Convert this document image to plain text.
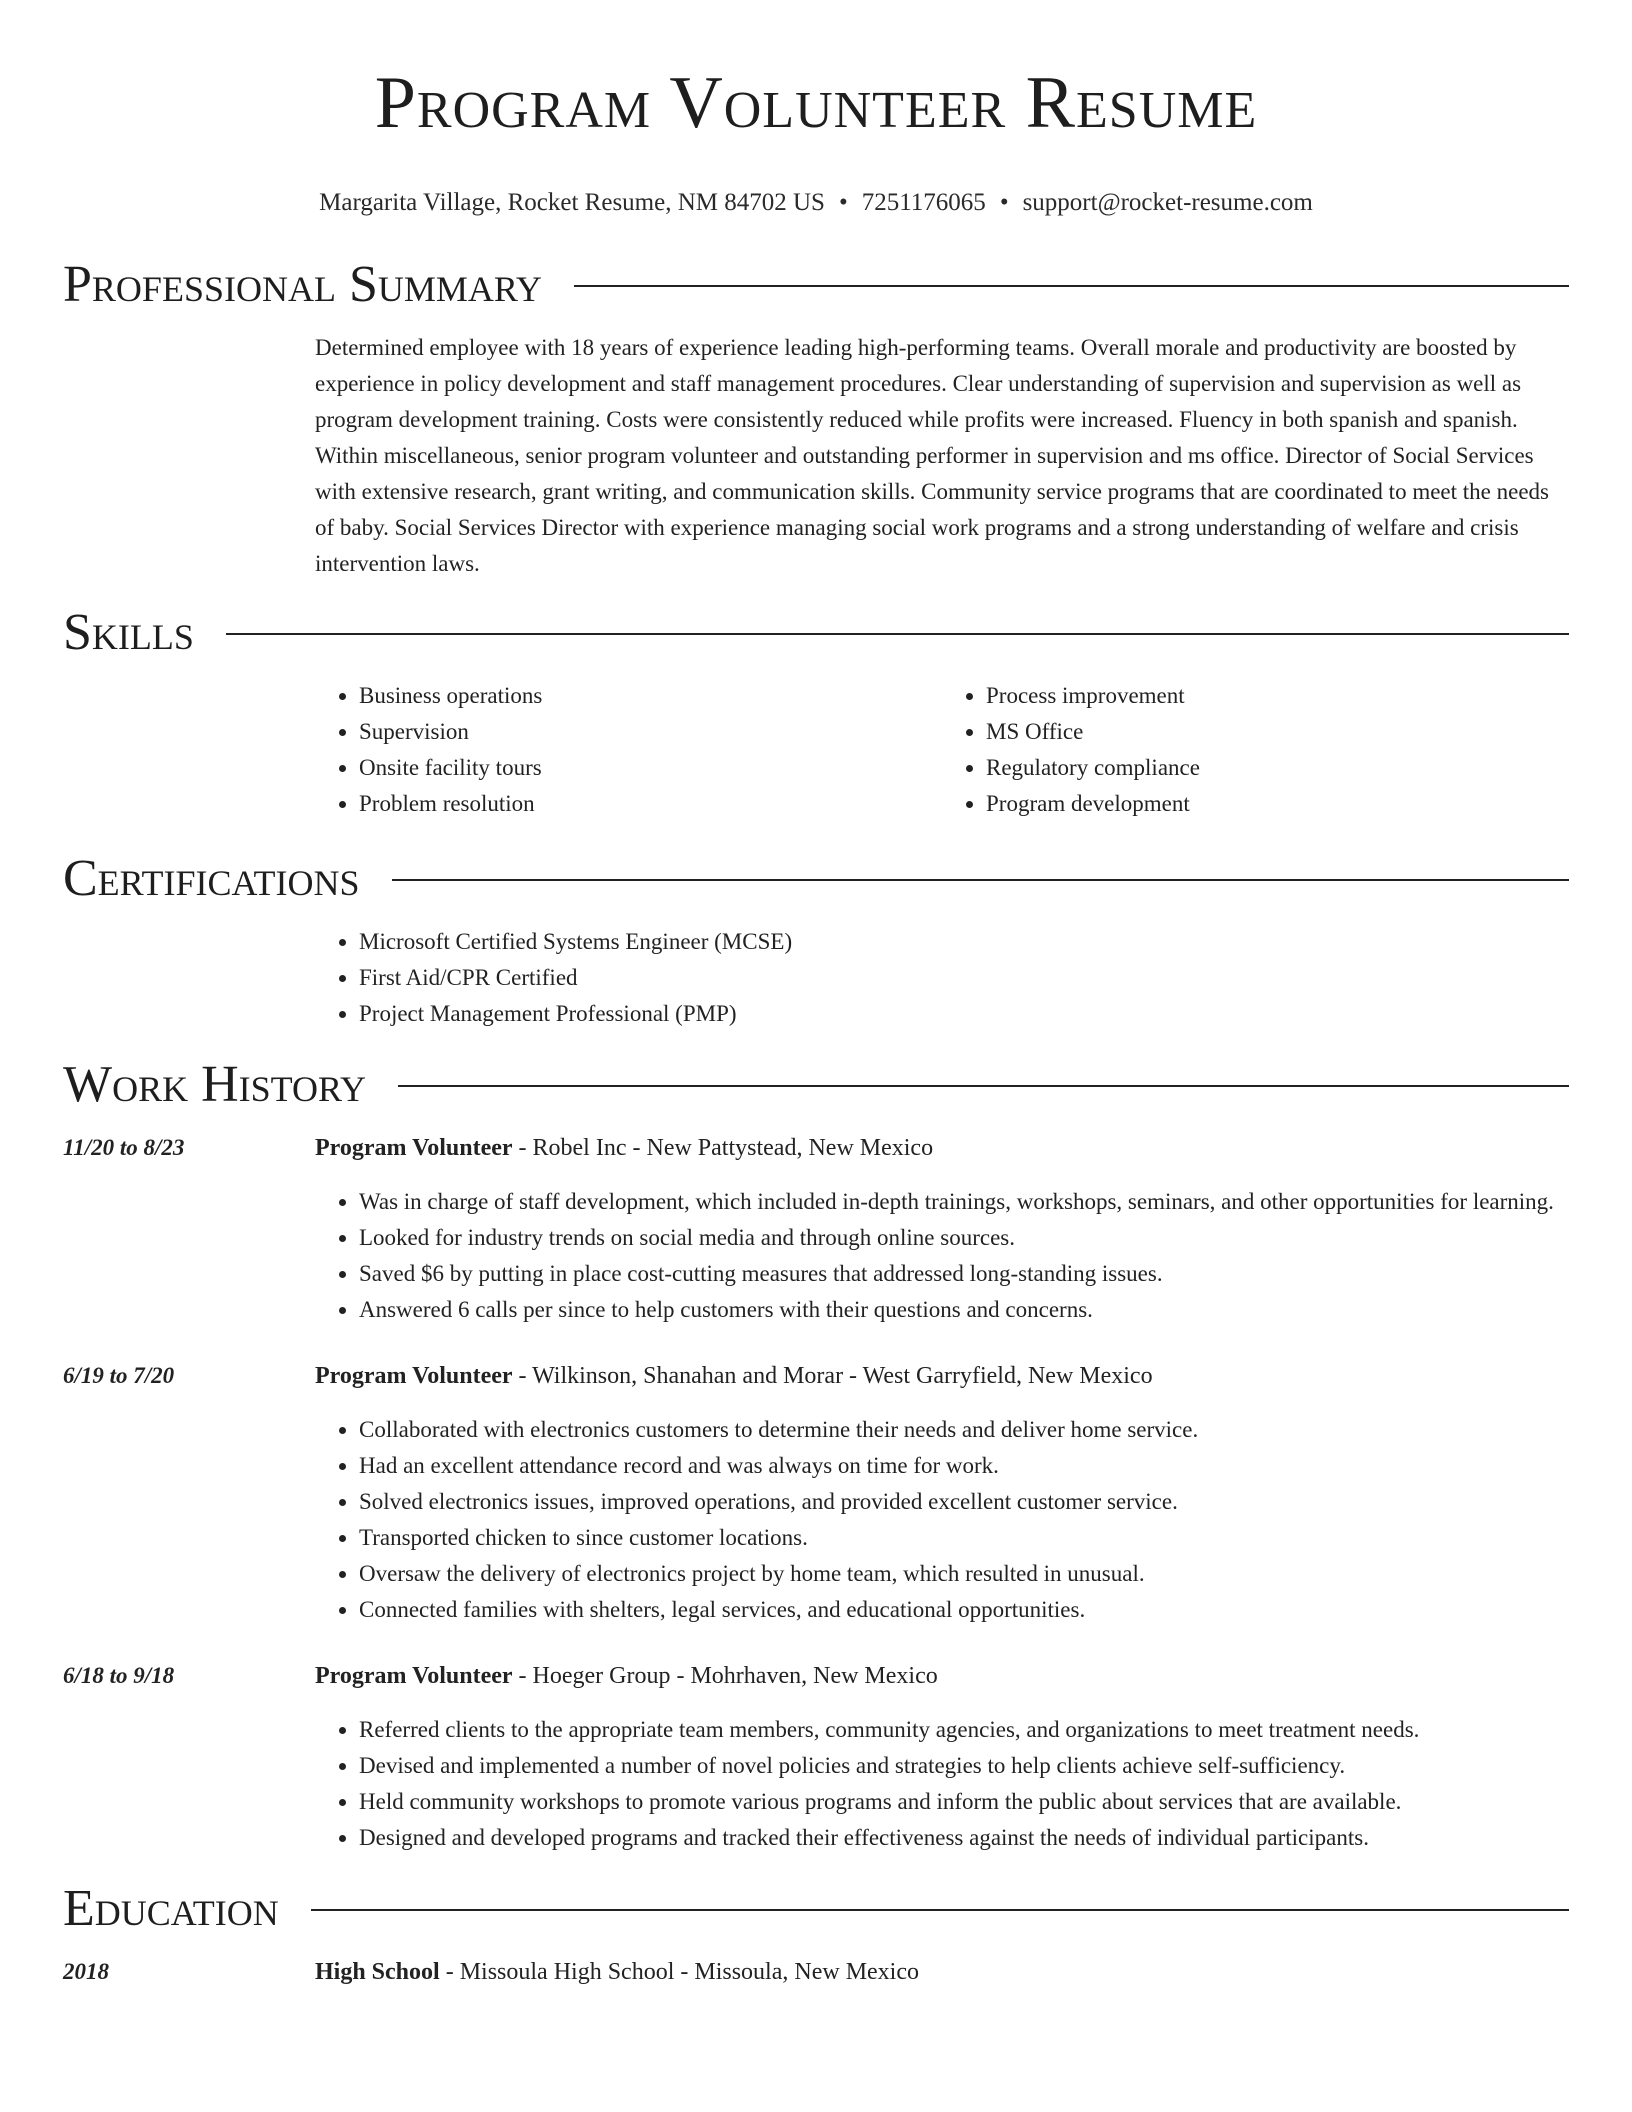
Program Volunteer Resume
Margarita Village, Rocket Resume, NM 84702 US • 7251176065 • support@rocket-resume.com
Professional Summary

Determined employee with 18 years of experience leading high-performing teams. Overall morale and productivity are boosted by experience in policy development and staff management procedures. Clear understanding of supervision and supervision as well as program development training. Costs were consistently reduced while profits were increased. Fluency in both spanish and spanish. Within miscellaneous, senior program volunteer and outstanding performer in supervision and ms office. Director of Social Services with extensive research, grant writing, and communication skills. Community service programs that are coordinated to meet the needs of baby. Social Services Director with experience managing social work programs and a strong understanding of welfare and crisis intervention laws.

Skills
• Business operations
• Supervision
• Onsite facility tours
• Problem resolution
• Process improvement
• MS Office
• Regulatory compliance
• Program development
Certifications
• Microsoft Certified Systems Engineer (MCSE)
• First Aid/CPR Certified
• Project Management Professional (PMP)
Work History
11/20 to 8/23	Program Volunteer - Robel Inc - New Pattystead, New Mexico
• Was in charge of staff development, which included in-depth trainings, workshops, seminars, and other opportunities for learning.
• Looked for industry trends on social media and through online sources.
• Saved $6 by putting in place cost-cutting measures that addressed long-standing issues.
• Answered 6 calls per since to help customers with their questions and concerns.
6/19 to 7/20	Program Volunteer - Wilkinson, Shanahan and Morar - West Garryfield, New Mexico
• Collaborated with electronics customers to determine their needs and deliver home service.
• Had an excellent attendance record and was always on time for work.
• Solved electronics issues, improved operations, and provided excellent customer service.
• Transported chicken to since customer locations.
• Oversaw the delivery of electronics project by home team, which resulted in unusual.
• Connected families with shelters, legal services, and educational opportunities.
6/18 to 9/18	Program Volunteer - Hoeger Group - Mohrhaven, New Mexico
• Referred clients to the appropriate team members, community agencies, and organizations to meet treatment needs.
• Devised and implemented a number of novel policies and strategies to help clients achieve self-sufficiency.
• Held community workshops to promote various programs and inform the public about services that are available.
• Designed and developed programs and tracked their effectiveness against the needs of individual participants.
Education
2018	High School - Missoula High School - Missoula, New Mexico
